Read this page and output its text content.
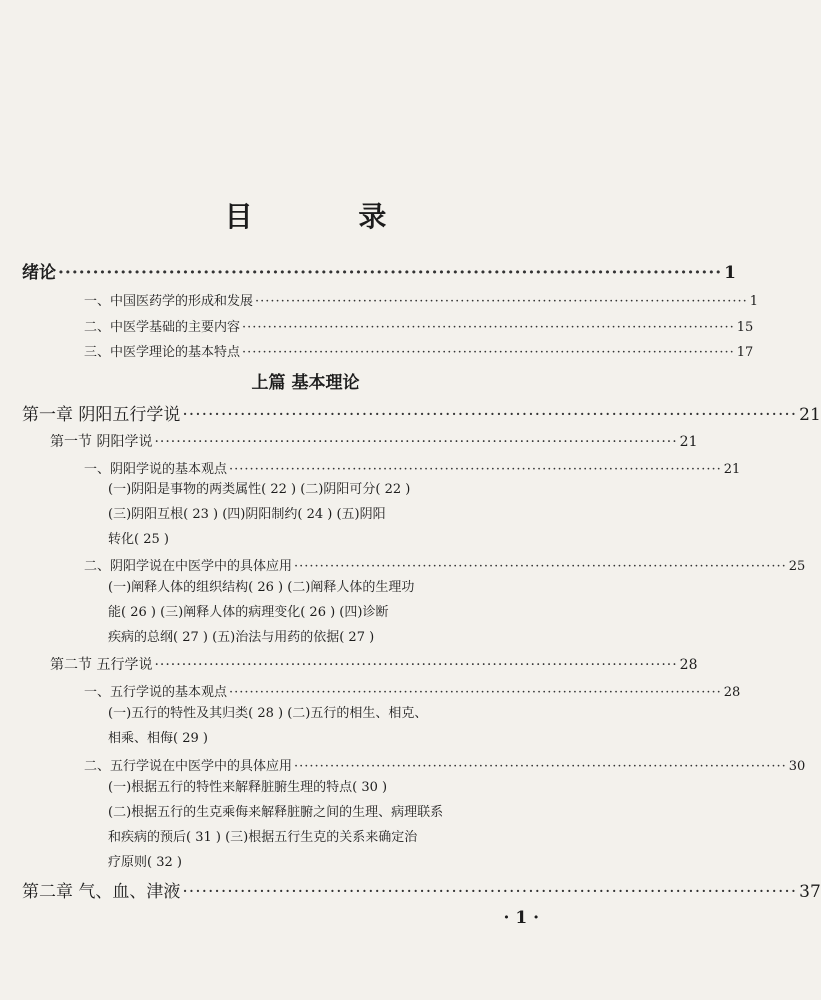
目 录
绪论 ································································································ 1
一、中国医药学的形成和发展 ································································································ 1
二、中医学基础的主要内容 ································································································ 15
三、中医学理论的基本特点 ································································································ 17
上篇 基本理论
第一章 阴阳五行学说 ································································································ 21
第一节 阴阳学说 ································································································ 21
一、阴阳学说的基本观点 ································································································ 21
(一)阴阳是事物的两类属性( 22 ) (二)阴阳可分( 22 )
(三)阴阳互根( 23 ) (四)阴阳制约( 24 ) (五)阴阳
转化( 25 )
二、阴阳学说在中医学中的具体应用 ································································································ 25
(一)阐释人体的组织结构( 26 ) (二)阐释人体的生理功
能( 26 ) (三)阐释人体的病理变化( 26 ) (四)诊断
疾病的总纲( 27 ) (五)治法与用药的依据( 27 )
第二节 五行学说 ································································································ 28
一、五行学说的基本观点 ································································································ 28
(一)五行的特性及其归类( 28 ) (二)五行的相生、相克、
相乘、相侮( 29 )
二、五行学说在中医学中的具体应用 ································································································ 30
(一)根据五行的特性来解释脏腑生理的特点( 30 )
(二)根据五行的生克乘侮来解释脏腑之间的生理、病理联系
和疾病的预后( 31 ) (三)根据五行生克的关系来确定治
疗原则( 32 )
第二章 气、血、津液 ································································································ 37
· 1 ·
